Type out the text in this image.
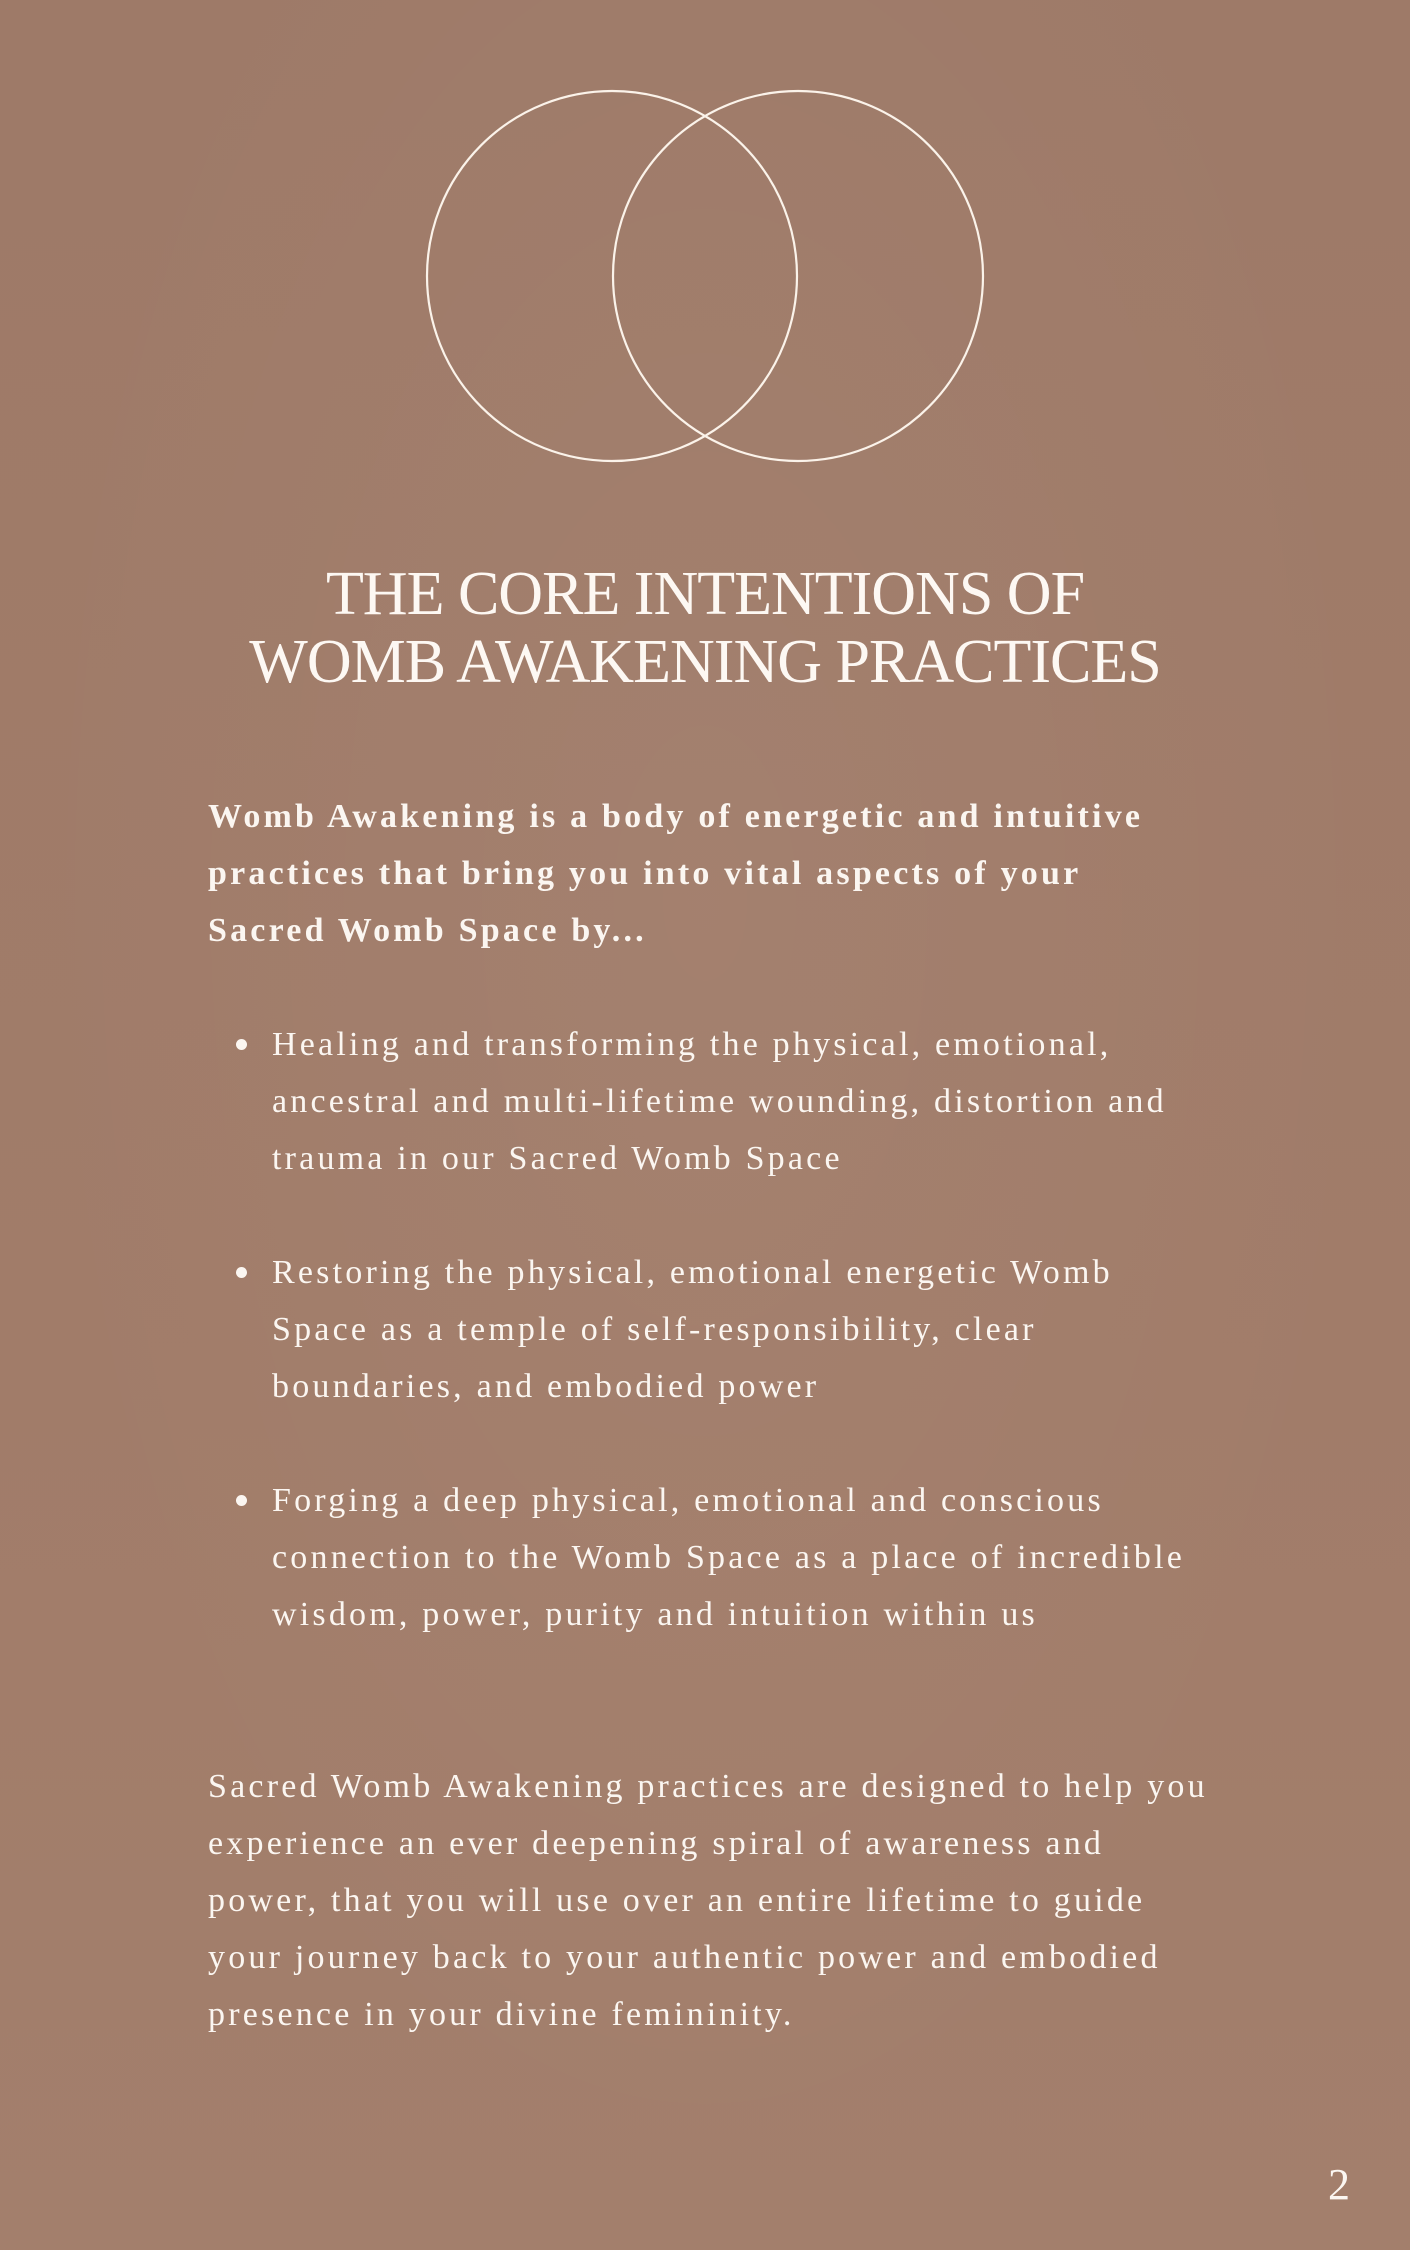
THE CORE INTENTIONS OF
WOMB AWAKENING PRACTICES

Womb Awakening is a body of energetic and intuitive practices that bring you into vital aspects of your Sacred Womb Space by...

Healing and transforming the physical, emotional, ancestral and multi-lifetime wounding, distortion and trauma in our Sacred Womb Space
Restoring the physical, emotional energetic Womb Space as a temple of self-responsibility, clear boundaries, and embodied power
Forging a deep physical, emotional and conscious connection to the Womb Space as a place of incredible wisdom, power, purity and intuition within us

Sacred Womb Awakening practices are designed to help you experience an ever deepening spiral of awareness and power, that you will use over an entire lifetime to guide your journey back to your authentic power and embodied presence in your divine femininity.

2
